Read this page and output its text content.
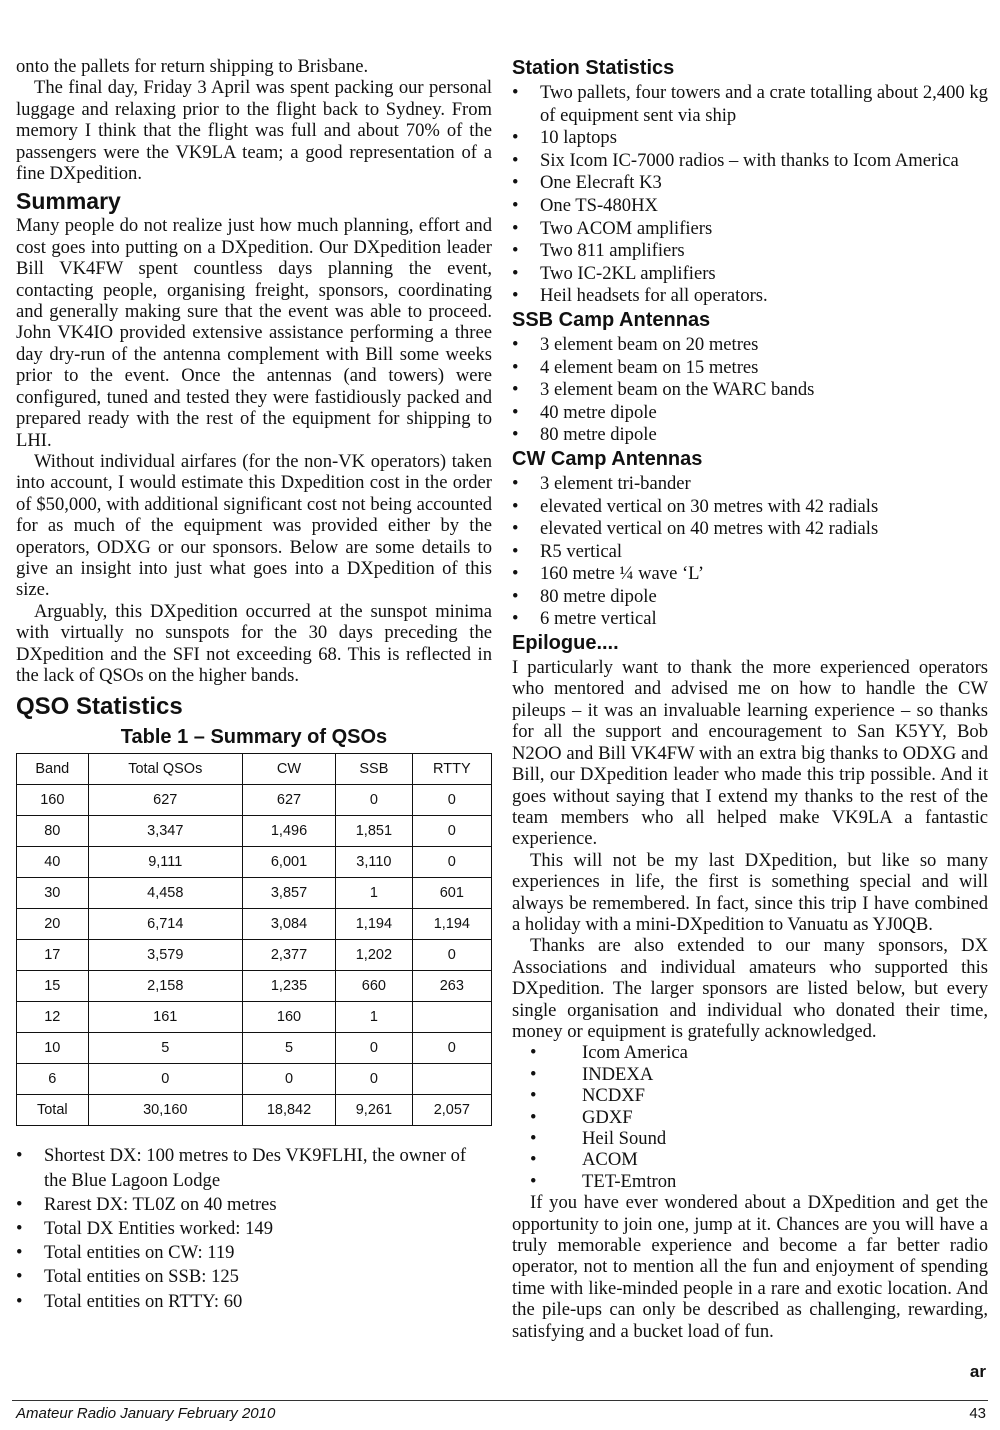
onto the pallets for return shipping to Brisbane.

The final day, Friday 3 April was spent packing our personal luggage and relaxing prior to the flight back to Sydney. From memory I think that the flight was full and about 70% of the passengers were the VK9LA team; a good representation of a fine DXpedition.

Summary

Many people do not realize just how much planning, effort and cost goes into putting on a DXpedition. Our DXpedition leader Bill VK4FW spent countless days planning the event, contacting people, organising freight, sponsors, coordinating and generally making sure that the event was able to proceed. John VK4IO provided extensive assistance performing a three day dry-run of the antenna complement with Bill some weeks prior to the event. Once the antennas (and towers) were configured, tuned and tested they were fastidiously packed and prepared ready with the rest of the equipment for shipping to LHI.

Without individual airfares (for the non-VK operators) taken into account, I would estimate this Dxpedition cost in the order of $50,000, with additional significant cost not being accounted for as much of the equipment was provided either by the operators, ODXG or our sponsors. Below are some details to give an insight into just what goes into a DXpedition of this size.

Arguably, this DXpedition occurred at the sunspot minima with virtually no sunspots for the 30 days preceding the DXpedition and the SFI not exceeding 68. This is reflected in the lack of QSOs on the higher bands.

QSO Statistics
Table 1 – Summary of QSOs
Band	Total QSOs	CW	SSB	RTTY
160	627	627	0	0
80	3,347	1,496	1,851	0
40	9,111	6,001	3,110	0
30	4,458	3,857	1	601
20	6,714	3,084	1,194	1,194
17	3,579	2,377	1,202	0
15	2,158	1,235	660	263
12	161	160	1	
10	5	5	0	0
6	0	0	0	
Total	30,160	18,842	9,261	2,057
• Shortest DX: 100 metres to Des VK9FLHI, the owner of the Blue Lagoon Lodge
• Rarest DX: TL0Z on 40 metres
• Total DX Entities worked: 149
• Total entities on CW: 119
• Total entities on SSB: 125
• Total entities on RTTY: 60
Station Statistics
• Two pallets, four towers and a crate totalling about 2,400 kg of equipment sent via ship
• 10 laptops
• Six Icom IC-7000 radios – with thanks to Icom America
• One Elecraft K3
• One TS-480HX
• Two ACOM amplifiers
• Two 811 amplifiers
• Two IC-2KL amplifiers
• Heil headsets for all operators.
SSB Camp Antennas
• 3 element beam on 20 metres
• 4 element beam on 15 metres
• 3 element beam on the WARC bands
• 40 metre dipole
• 80 metre dipole
CW Camp Antennas
• 3 element tri-bander
• elevated vertical on 30 metres with 42 radials
• elevated vertical on 40 metres with 42 radials
• R5 vertical
• 160 metre ¼ wave ‘L’
• 80 metre dipole
• 6 metre vertical
Epilogue....

I particularly want to thank the more experienced operators who mentored and advised me on how to handle the CW pileups – it was an invaluable learning experience – so thanks for all the support and encouragement to San K5YY, Bob N2OO and Bill VK4FW with an extra big thanks to ODXG and Bill, our DXpedition leader who made this trip possible. And it goes without saying that I extend my thanks to the rest of the team members who all helped make VK9LA a fantastic experience.

This will not be my last DXpedition, but like so many experiences in life, the first is something special and will always be remembered. In fact, since this trip I have combined a holiday with a mini-DXpedition to Vanuatu as YJ0QB.

Thanks are also extended to our many sponsors, DX Associations and individual amateurs who supported this DXpedition. The larger sponsors are listed below, but every single organisation and individual who donated their time, money or equipment is gratefully acknowledged.

• Icom America
• INDEXA
• NCDXF
• GDXF
• Heil Sound
• ACOM
• TET-Emtron

If you have ever wondered about a DXpedition and get the opportunity to join one, jump at it. Chances are you will have a truly memorable experience and become a far better radio operator, not to mention all the fun and enjoyment of spending time with like-minded people in a rare and exotic location. And the pile-ups can only be described as challenging, rewarding, satisfying and a bucket load of fun.

ar
Amateur Radio January February 2010	43
